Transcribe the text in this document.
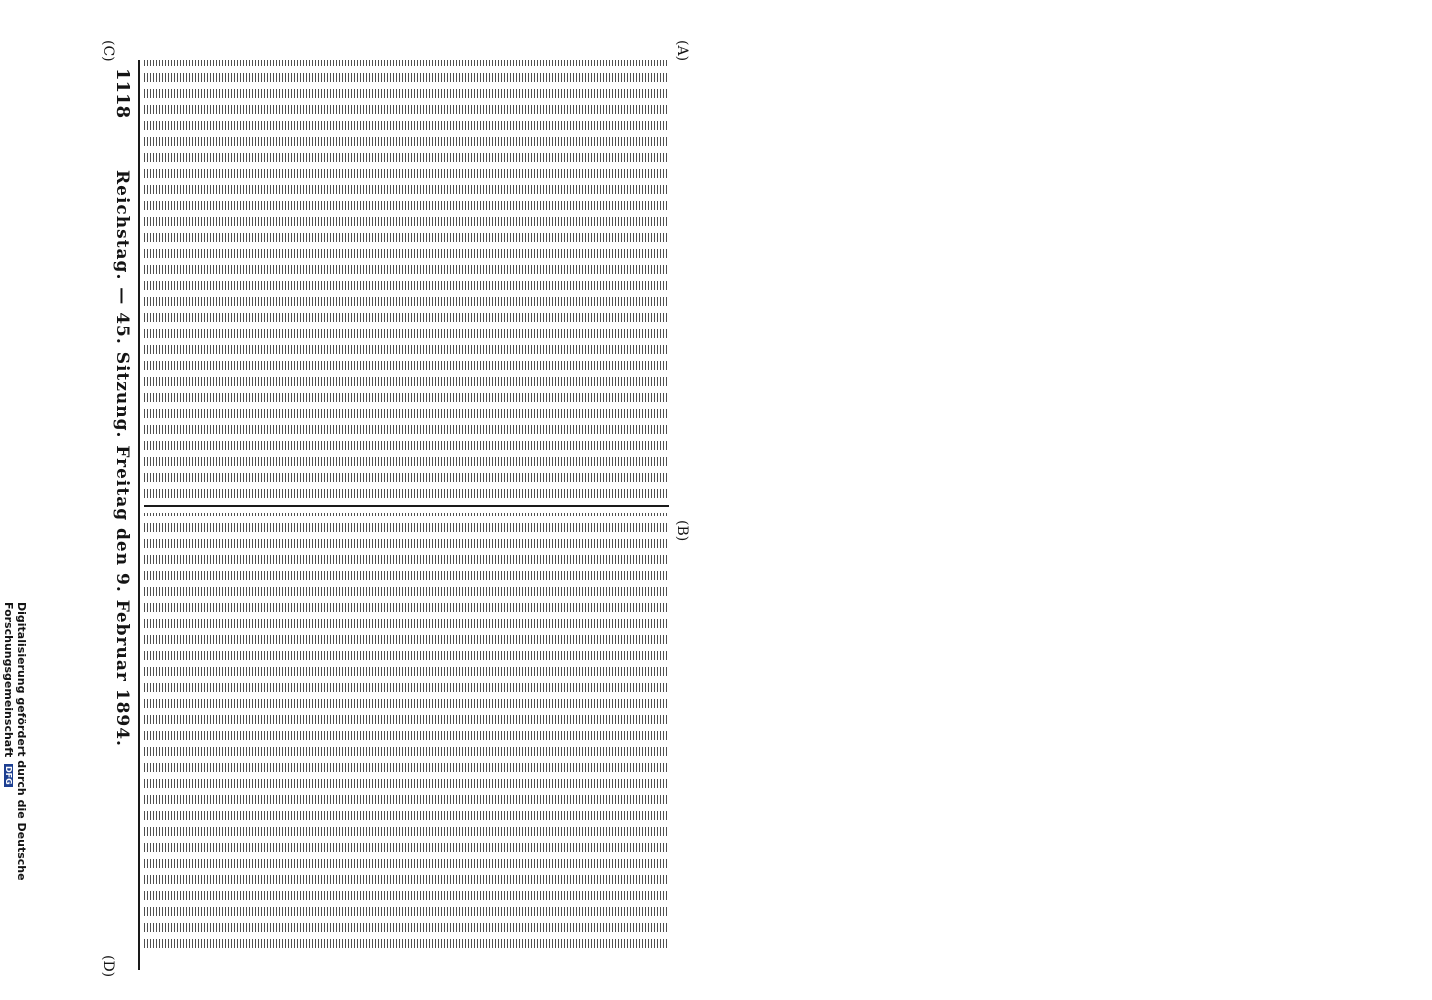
1118
Reichstag. — 45. Sitzung. Freitag den 9. Februar 1894.
(A)
(B)
(C)
(D)
Digitalisierung gefördert durch die Deutsche Forschungsgemeinschaft DFG
